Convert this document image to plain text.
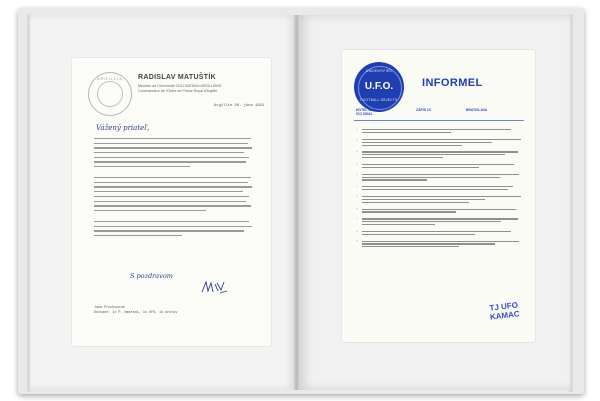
ARGILLIA	RADISLAV MATUŠTÍK
Member de l'Université OULI-BATAVIA ARGILLIENS
Commandeur de l'Ordre de Prince Royal d'Argillie
Argillie 28. júna 1991
Vážený priateľ,
S pozdravom
Jana Prochocová
Dostane: 1x P. Nemrani, 1x UFO, 1x archív
UNIDENTIFIED
U.F.O.
FOOTBALL OBJECTS
INFORMEL
HOTEL CITY
IČO 08041
ZÁPIS 15	BRATISLAVA
-
-
-
-
-
-
-
-
-
-
-
TJ UFO KAMAC
